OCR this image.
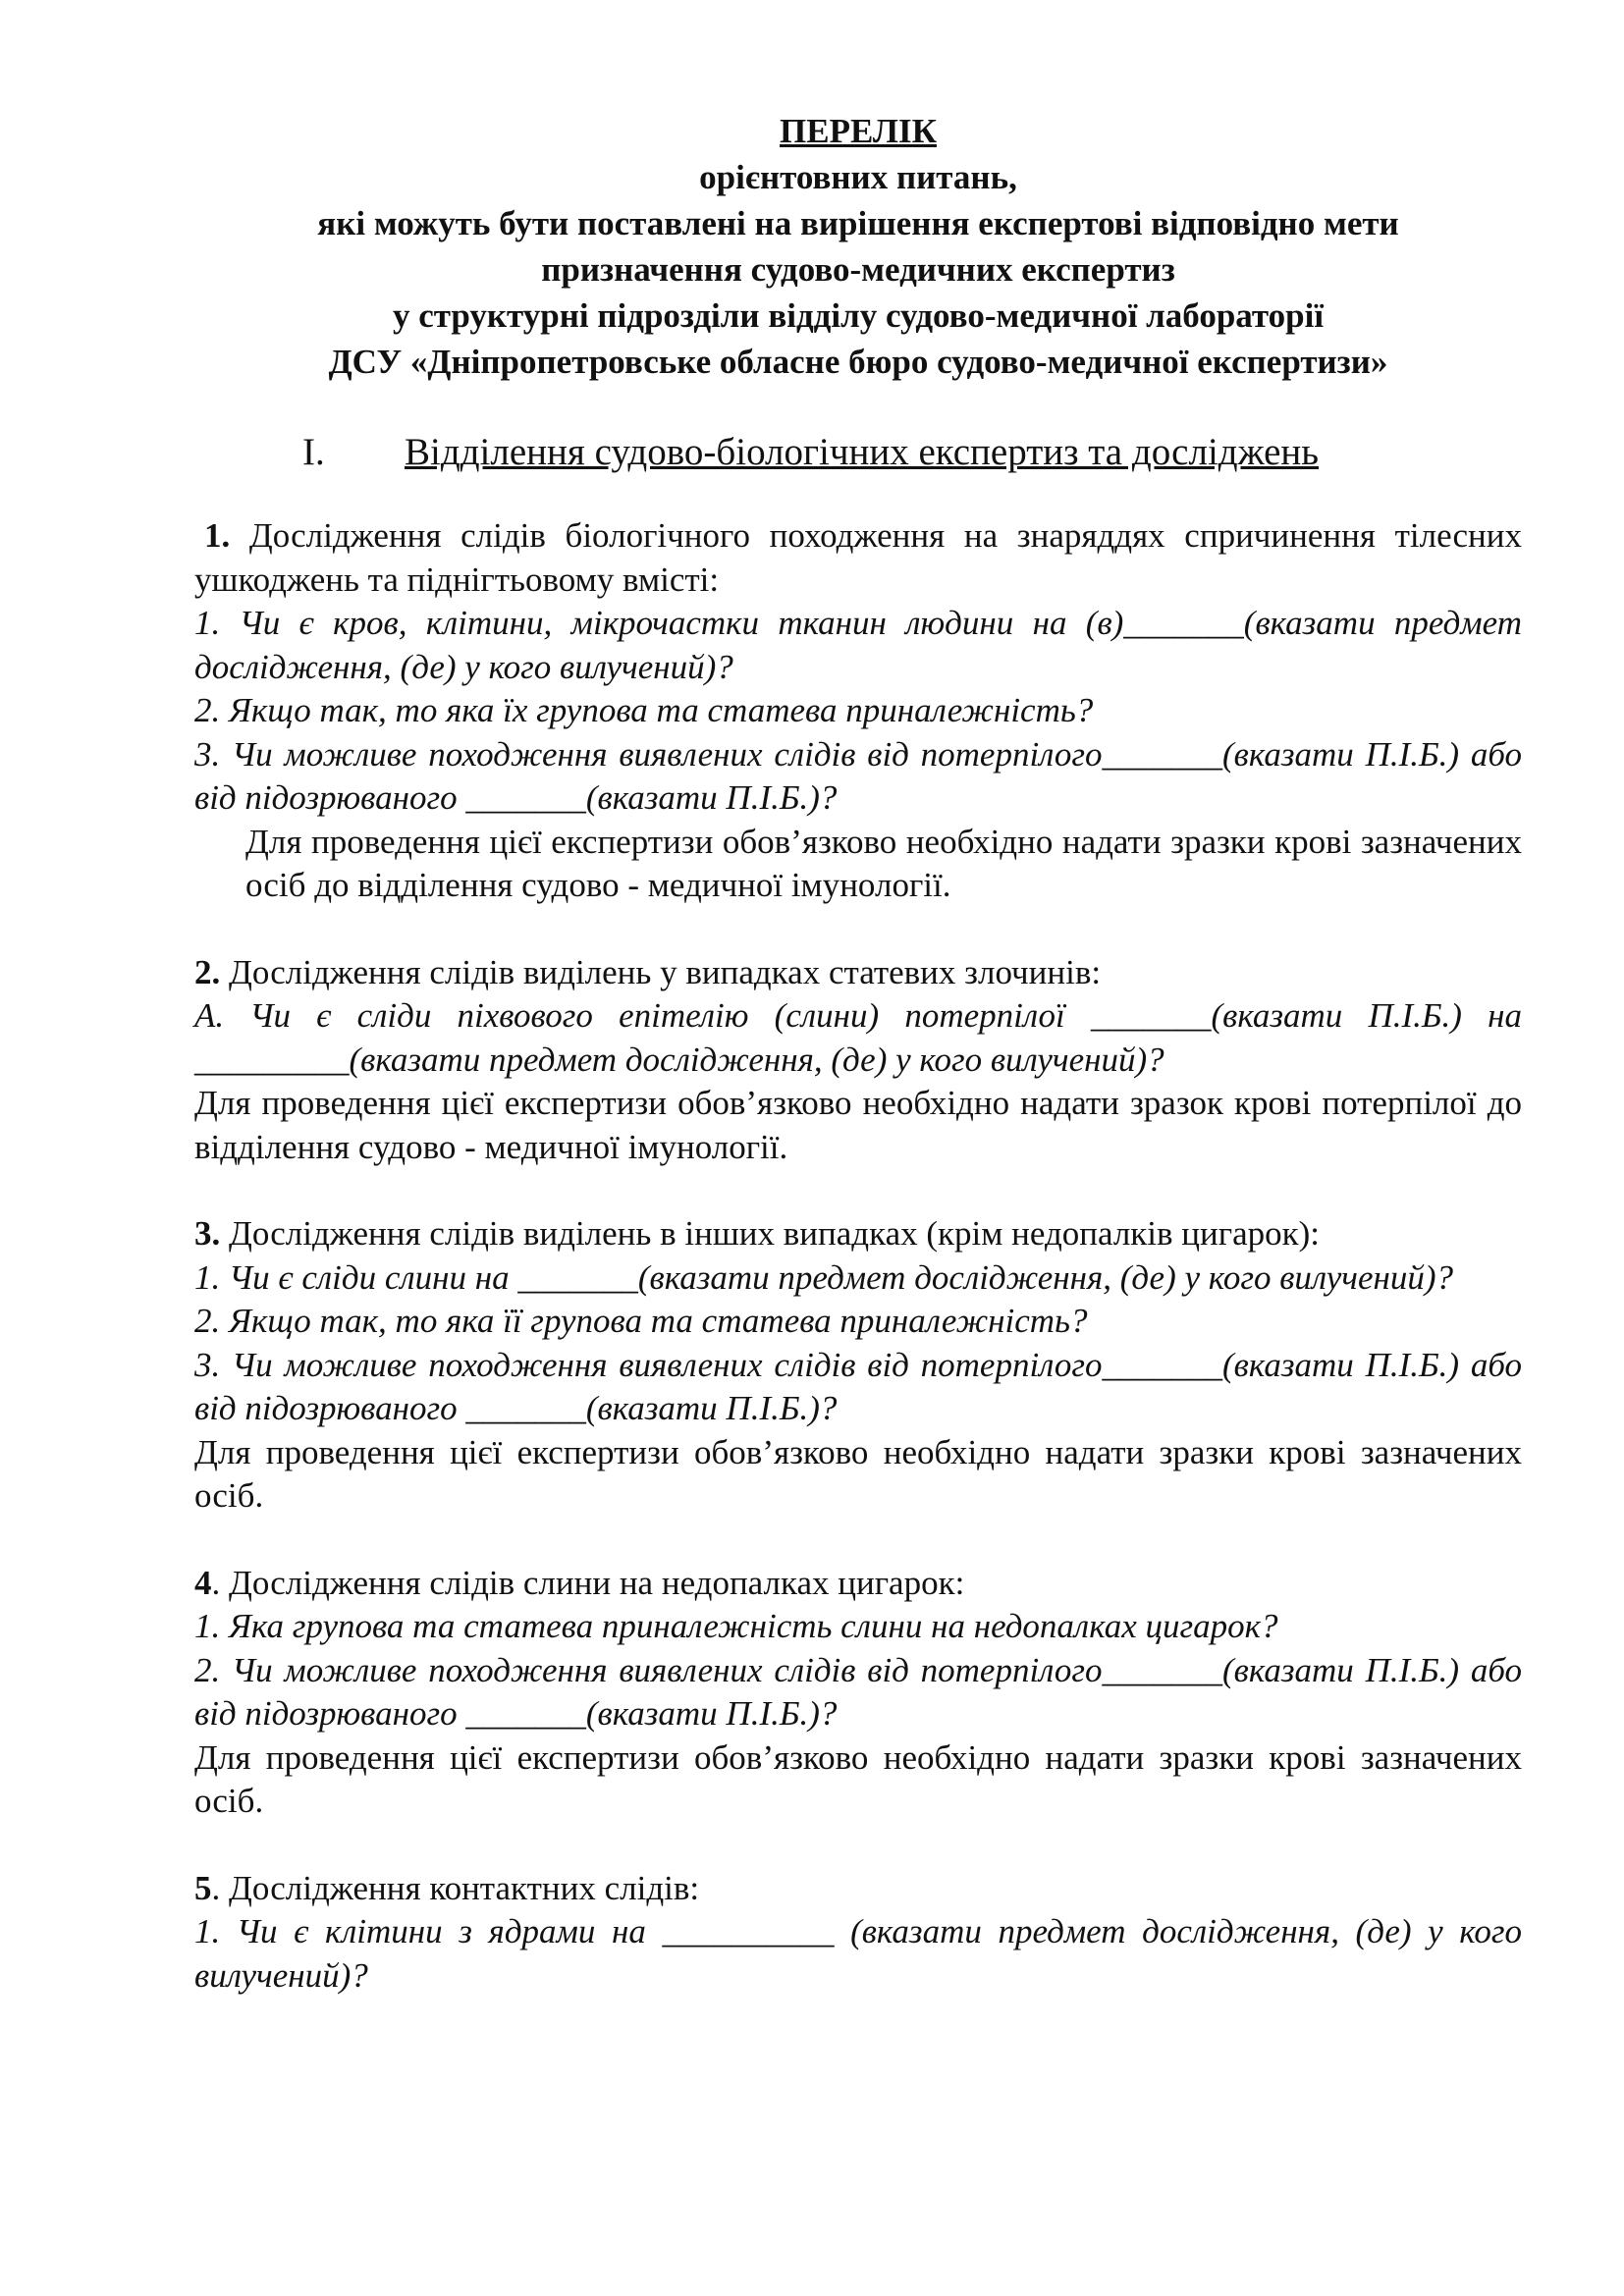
ПЕРЕЛІК
орієнтовних питань,
які можуть бути поставлені на вирішення експертові відповідно мети
призначення судово-медичних експертиз
у структурні підрозділи відділу судово-медичної лабораторії
ДСУ «Дніпропетровське обласне бюро судово-медичної експертизи»
I. Відділення судово-біологічних експертиз та досліджень

1. Дослідження слідів біологічного походження на знаряддях спричинення тілесних ушкоджень та піднігтьовому вмісті:

1. Чи є кров, клітини, мікрочастки тканин людини на (в)_______(вказати предмет дослідження, (де) у кого вилучений)?

2. Якщо так, то яка їх групова та статева приналежність?

3. Чи можливе походження виявлених слідів від потерпілого_______(вказати П.І.Б.) або від підозрюваного _______(вказати П.І.Б.)?

Для проведення цієї експертизи обов’язково необхідно надати зразки крові зазначених осіб до відділення судово - медичної імунології.

2. Дослідження слідів виділень у випадках статевих злочинів:

А. Чи є сліди піхвового епітелію (слини) потерпілої _______(вказати П.І.Б.) на _________(вказати предмет дослідження, (де) у кого вилучений)?

Для проведення цієї експертизи обов’язково необхідно надати зразок крові потерпілої до відділення судово - медичної імунології.

3. Дослідження слідів виділень в інших випадках (крім недопалків цигарок):

1. Чи є сліди слини на _______(вказати предмет дослідження, (де) у кого вилучений)?

2. Якщо так, то яка її групова та статева приналежність?

3. Чи можливе походження виявлених слідів від потерпілого_______(вказати П.І.Б.) або від підозрюваного _______(вказати П.І.Б.)?

Для проведення цієї експертизи обов’язково необхідно надати зразки крові зазначених осіб.

4. Дослідження слідів слини на недопалках цигарок:

1. Яка групова та статева приналежність слини на недопалках цигарок?

2. Чи можливе походження виявлених слідів від потерпілого_______(вказати П.І.Б.) або від підозрюваного _______(вказати П.І.Б.)?

Для проведення цієї експертизи обов’язково необхідно надати зразки крові зазначених осіб.

5. Дослідження контактних слідів:

1. Чи є клітини з ядрами на __________ (вказати предмет дослідження, (де) у кого вилучений)?
